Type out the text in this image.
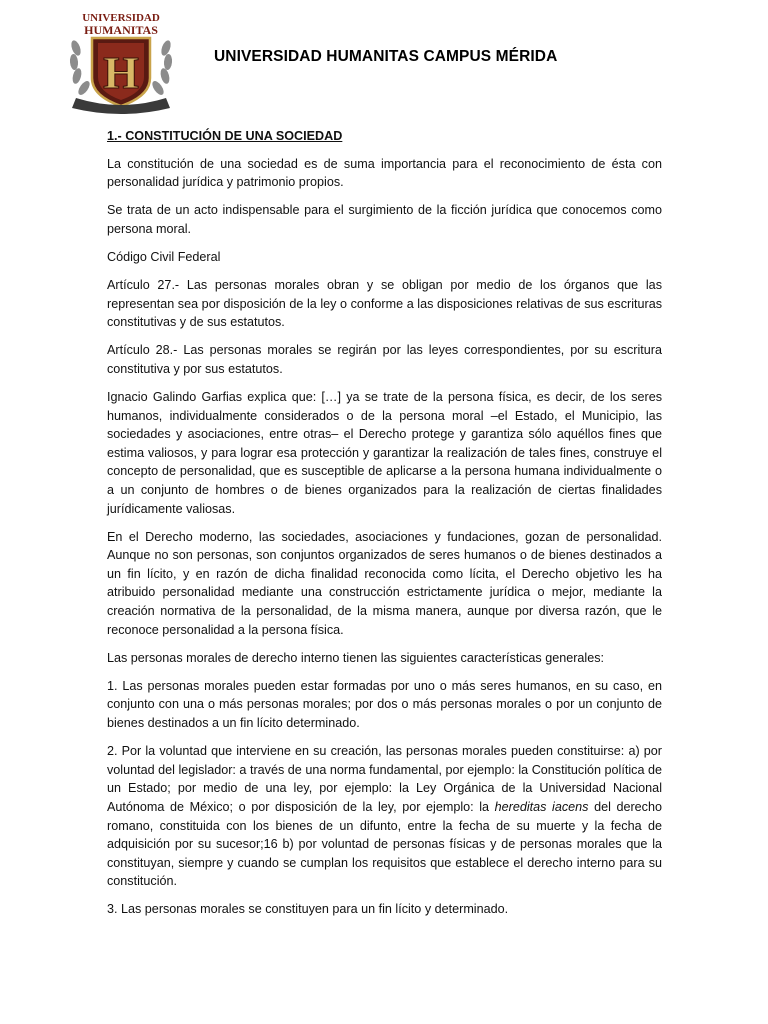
UNIVERSIDAD
HUMANITAS
H	UNIVERSIDAD HUMANITAS CAMPUS MÉRIDA

1.- CONSTITUCIÓN DE UNA SOCIEDAD

La constitución de una sociedad es de suma importancia para el reconocimiento de ésta con personalidad jurídica y patrimonio propios.

Se trata de un acto indispensable para el surgimiento de la ficción jurídica que conocemos como persona moral.

Código Civil Federal

Artículo 27.- Las personas morales obran y se obligan por medio de los órganos que las representan sea por disposición de la ley o conforme a las disposiciones relativas de sus escrituras constitutivas y de sus estatutos.

Artículo 28.- Las personas morales se regirán por las leyes correspondientes, por su escritura constitutiva y por sus estatutos.

Ignacio Galindo Garfias explica que: […] ya se trate de la persona física, es decir, de los seres humanos, individualmente considerados o de la persona moral –el Estado, el Municipio, las sociedades y asociaciones, entre otras– el Derecho protege y garantiza sólo aquéllos fines que estima valiosos, y para lograr esa protección y garantizar la realización de tales fines, construye el concepto de personalidad, que es susceptible de aplicarse a la persona humana individualmente o a un conjunto de hombres o de bienes organizados para la realización de ciertas finalidades jurídicamente valiosas.

En el Derecho moderno, las sociedades, asociaciones y fundaciones, gozan de personalidad. Aunque no son personas, son conjuntos organizados de seres humanos o de bienes destinados a un fin lícito, y en razón de dicha finalidad reconocida como lícita, el Derecho objetivo les ha atribuido personalidad mediante una construcción estrictamente jurídica o mejor, mediante la creación normativa de la personalidad, de la misma manera, aunque por diversa razón, que le reconoce personalidad a la persona física.

Las personas morales de derecho interno tienen las siguientes características generales:

1. Las personas morales pueden estar formadas por uno o más seres humanos, en su caso, en conjunto con una o más personas morales; por dos o más personas morales o por un conjunto de bienes destinados a un fin lícito determinado.

2. Por la voluntad que interviene en su creación, las personas morales pueden constituirse: a) por voluntad del legislador: a través de una norma fundamental, por ejemplo: la Constitución política de un Estado; por medio de una ley, por ejemplo: la Ley Orgánica de la Universidad Nacional Autónoma de México; o por disposición de la ley, por ejemplo: la hereditas iacens del derecho romano, constituida con los bienes de un difunto, entre la fecha de su muerte y la fecha de adquisición por su sucesor;16 b) por voluntad de personas físicas y de personas morales que la constituyan, siempre y cuando se cumplan los requisitos que establece el derecho interno para su constitución.

3. Las personas morales se constituyen para un fin lícito y determinado.
